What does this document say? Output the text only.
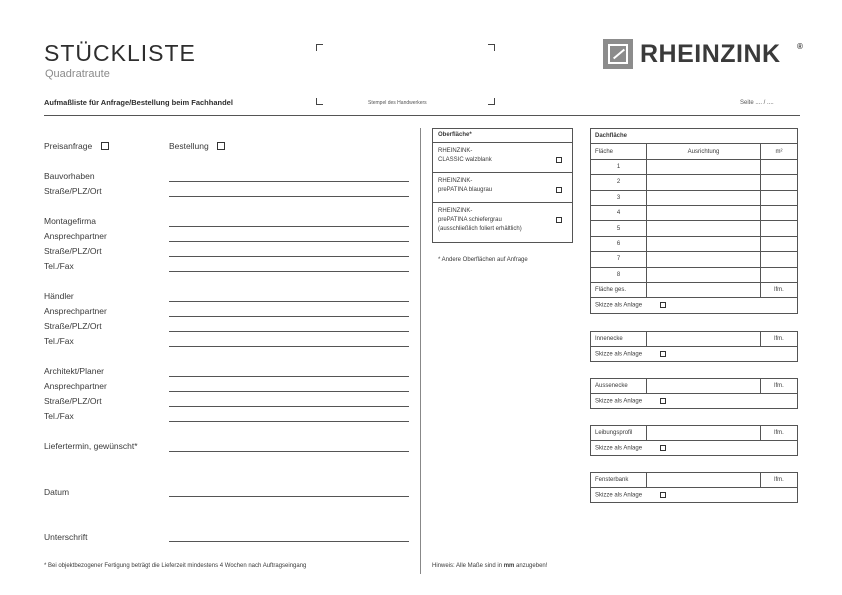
STÜCKLISTE
Quadratraute
Aufmaßliste für Anfrage/Bestellung beim Fachhandel	Stempel des Handwerkers	Seite .... / ....
RHEINZINK ®
Preisanfrage	Bestellung
Bauvorhaben
Straße/PLZ/Ort
Montagefirma
Ansprechpartner
Straße/PLZ/Ort
Tel./Fax
Händler
Ansprechpartner
Straße/PLZ/Ort
Tel./Fax
Architekt/Planer
Ansprechpartner
Straße/PLZ/Ort
Tel./Fax
Liefertermin, gewünscht*
Datum
Unterschrift
Oberfläche*
RHEINZINK-
CLASSIC walzblank
RHEINZINK-
prePATINA blaugrau
RHEINZINK-
prePATINA schiefergrau
(ausschließlich foliert erhältlich)
* Andere Oberflächen auf Anfrage
Dachfläche		
Fläche	Ausrichtung	m²
1		
2		
3		
4		
5		
6		
7		
8		
Fläche ges.		lfm.
Skizze als Anlage		
Innenecke		lfm.
Skizze als Anlage
Aussenecke		lfm.
Skizze als Anlage
Leibungsprofil		lfm.
Skizze als Anlage
Fensterbank		lfm.
Skizze als Anlage
* Bei objektbezogener Fertigung beträgt die Lieferzeit mindestens 4 Wochen nach Auftragseingang	Hinweis: Alle Maße sind in mm anzugeben!
